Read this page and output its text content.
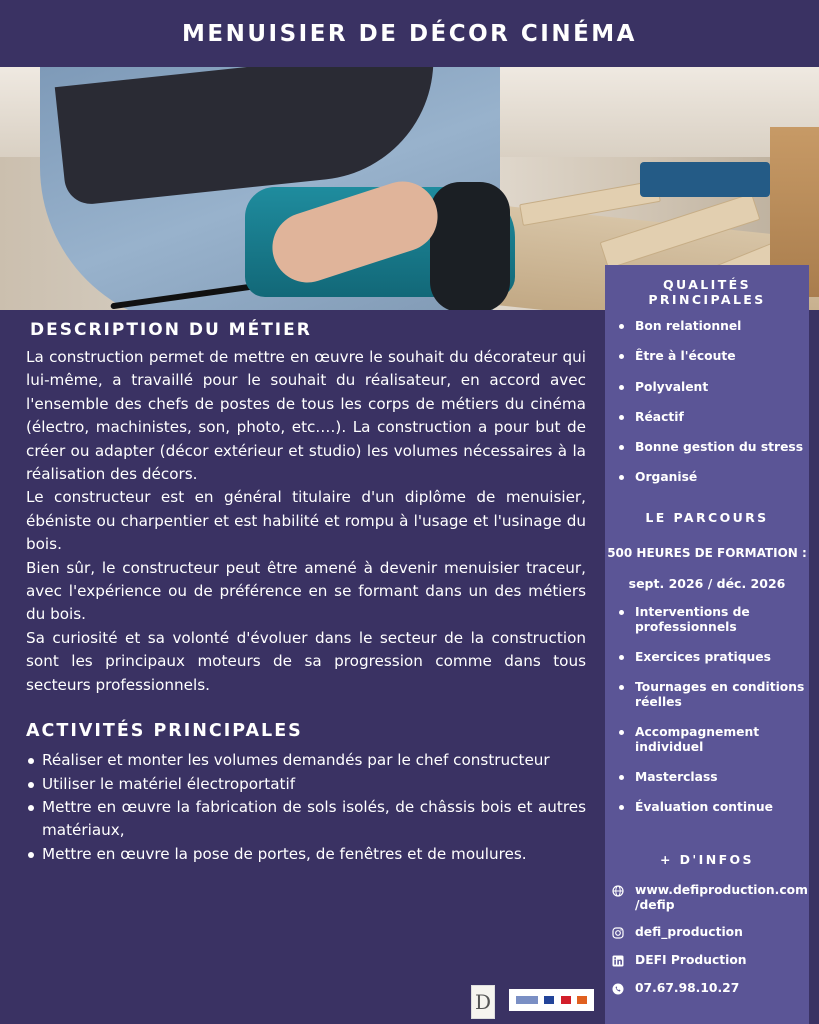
MENUISIER DE DÉCOR CINÉMA
DESCRIPTION DU MÉTIER

La construction permet de mettre en œuvre le souhait du décorateur qui lui-même, a travaillé pour le souhait du réalisateur, en accord avec l'ensemble des chefs de postes de tous les corps de métiers du cinéma (électro, machinistes, son, photo, etc.…). La construction a pour but de créer ou adapter (décor extérieur et studio) les volumes nécessaires à la réalisation des décors.

Le constructeur est en général titulaire d'un diplôme de menuisier, ébéniste ou charpentier et est habilité et rompu à l'usage et l'usinage du bois.

Bien sûr, le constructeur peut être amené à devenir menuisier traceur, avec l'expérience ou de préférence en se formant dans un des métiers du bois.

Sa curiosité et sa volonté d'évoluer dans le secteur de la construction sont les principaux moteurs de sa progression comme dans tous secteurs professionnels.

ACTIVITÉS PRINCIPALES
Réaliser et monter les volumes demandés par le chef constructeur
Utiliser le matériel électroportatif
Mettre en œuvre la fabrication de sols isolés, de châssis bois et autres matériaux,
Mettre en œuvre la pose de portes, de fenêtres et de moulures.
QUALITÉS PRINCIPALES
Bon relationnel
Être à l'écoute
Polyvalent
Réactif
Bonne gestion du stress
Organisé
LE PARCOURS
500 HEURES DE FORMATION :
sept. 2026 / déc. 2026
Interventions de professionnels
Exercices pratiques
Tournages en conditions réelles
Accompagnement individuel
Masterclass
Évaluation continue
+ D'INFOS
www.defiproduction.com /defip
defi_production
DEFI Production
07.67.98.10.27
D
